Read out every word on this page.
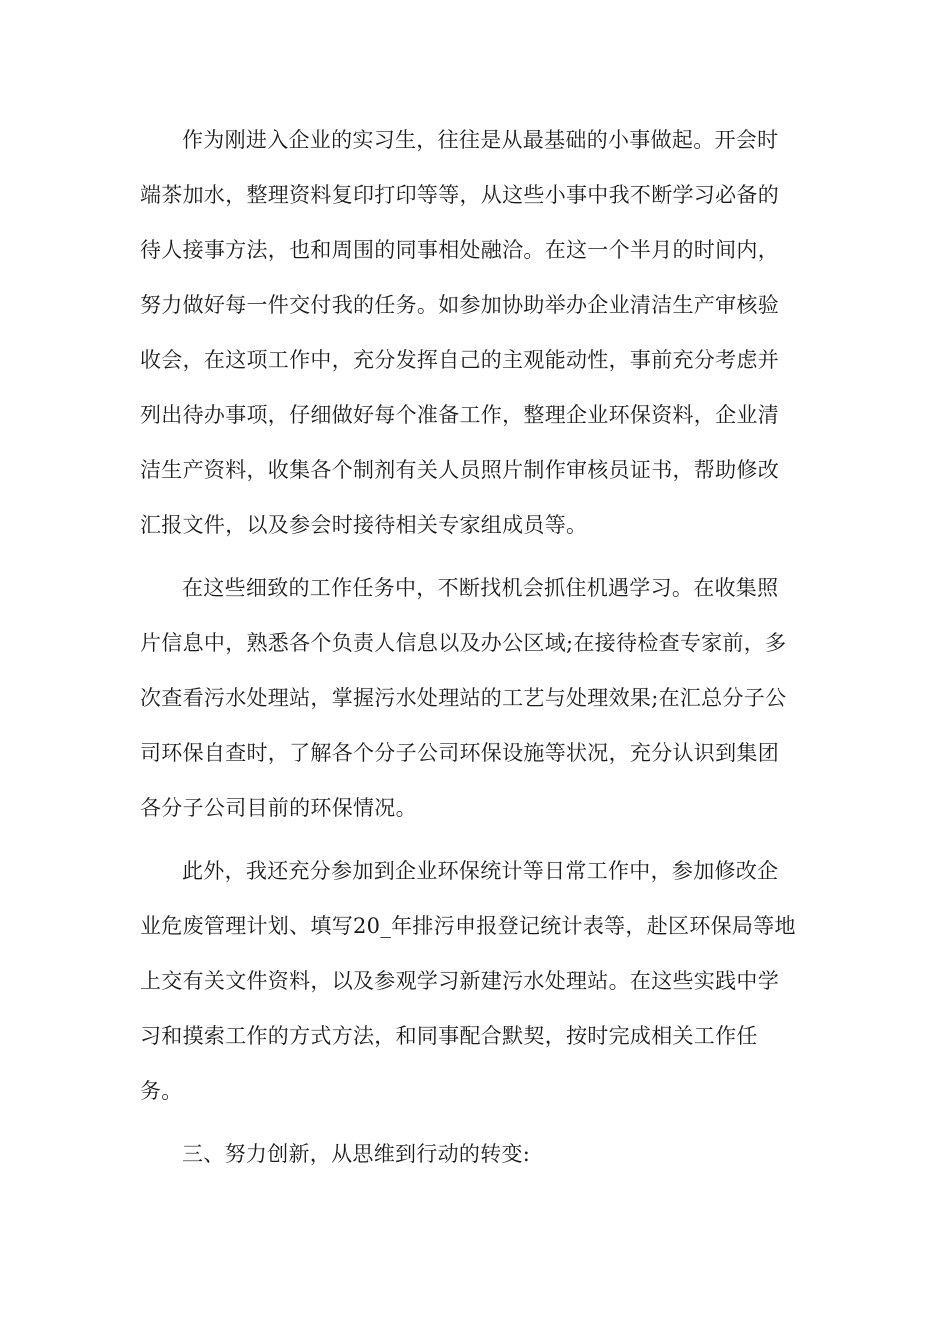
作为刚进入企业的实习生，往往是从最基础的小事做起。开会时

端茶加水，整理资料复印打印等等，从这些小事中我不断学习必备的

待人接事方法，也和周围的同事相处融洽。在这一个半月的时间内，

努力做好每一件交付我的任务。如参加协助举办企业清洁生产审核验

收会，在这项工作中，充分发挥自己的主观能动性，事前充分考虑并

列出待办事项，仔细做好每个准备工作，整理企业环保资料，企业清

洁生产资料，收集各个制剂有关人员照片制作审核员证书，帮助修改

汇报文件，以及参会时接待相关专家组成员等。

在这些细致的工作任务中，不断找机会抓住机遇学习。在收集照

片信息中，熟悉各个负责人信息以及办公区域;在接待检查专家前，多

次查看污水处理站，掌握污水处理站的工艺与处理效果;在汇总分子公

司环保自查时，了解各个分子公司环保设施等状况，充分认识到集团

各分子公司目前的环保情况。

此外，我还充分参加到企业环保统计等日常工作中，参加修改企

业危废管理计划、填写20_年排污申报登记统计表等，赴区环保局等地

上交有关文件资料，以及参观学习新建污水处理站。在这些实践中学

习和摸索工作的方式方法，和同事配合默契，按时完成相关工作任

务。

三、努力创新，从思维到行动的转变:
